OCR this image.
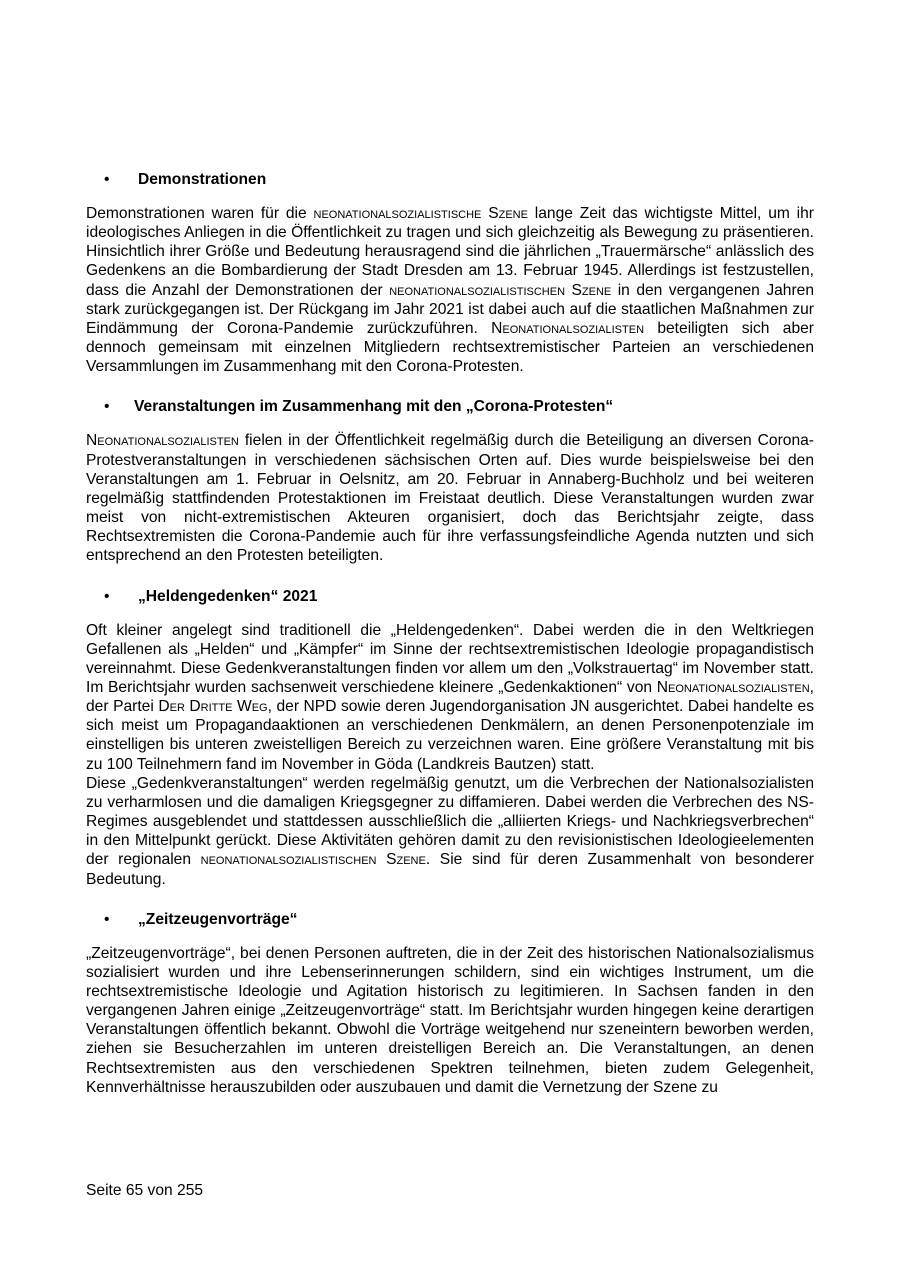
• Demonstrationen

Demonstrationen waren für die neonationalsozialistische Szene lange Zeit das wichtigste Mittel, um ihr ideologisches Anliegen in die Öffentlichkeit zu tragen und sich gleichzeitig als Bewegung zu präsentieren. Hinsichtlich ihrer Größe und Bedeutung herausragend sind die jährlichen „Trauermärsche“ anlässlich des Gedenkens an die Bombardierung der Stadt Dresden am 13. Februar 1945. Allerdings ist festzustellen, dass die Anzahl der Demonstrationen der neonationalsozialistischen Szene in den vergangenen Jahren stark zurückgegangen ist. Der Rückgang im Jahr 2021 ist dabei auch auf die staatlichen Maßnahmen zur Eindämmung der Corona-Pandemie zurückzuführen. Neonationalsozialisten beteiligten sich aber dennoch gemeinsam mit einzelnen Mitgliedern rechtsextremistischer Parteien an verschiedenen Versammlungen im Zusammenhang mit den Corona-Protesten.

• Veranstaltungen im Zusammenhang mit den „Corona-Protesten“

Neonationalsozialisten fielen in der Öffentlichkeit regelmäßig durch die Beteiligung an diversen Corona-Protestveranstaltungen in verschiedenen sächsischen Orten auf. Dies wurde beispielsweise bei den Veranstaltungen am 1. Februar in Oelsnitz, am 20. Februar in Annaberg-Buchholz und bei weiteren regelmäßig stattfindenden Protestaktionen im Freistaat deutlich. Diese Veranstaltungen wurden zwar meist von nicht-extremistischen Akteuren organisiert, doch das Berichtsjahr zeigte, dass Rechtsextremisten die Corona-Pandemie auch für ihre verfassungsfeindliche Agenda nutzten und sich entsprechend an den Protesten beteiligten.

• „Heldengedenken“ 2021

Oft kleiner angelegt sind traditionell die „Heldengedenken“. Dabei werden die in den Weltkriegen Gefallenen als „Helden“ und „Kämpfer“ im Sinne der rechtsextremistischen Ideologie propagandistisch vereinnahmt. Diese Gedenkveranstaltungen finden vor allem um den „Volkstrauertag“ im November statt. Im Berichtsjahr wurden sachsenweit verschiedene kleinere „Gedenkaktionen“ von Neonationalsozialisten, der Partei Der Dritte Weg, der NPD sowie deren Jugendorganisation JN ausgerichtet. Dabei handelte es sich meist um Propagandaaktionen an verschiedenen Denkmälern, an denen Personenpotenziale im einstelligen bis unteren zweistelligen Bereich zu verzeichnen waren. Eine größere Veranstaltung mit bis zu 100 Teilnehmern fand im November in Göda (Landkreis Bautzen) statt.

Diese „Gedenkveranstaltungen“ werden regelmäßig genutzt, um die Verbrechen der Nationalsozialisten zu verharmlosen und die damaligen Kriegsgegner zu diffamieren. Dabei werden die Verbrechen des NS-Regimes ausgeblendet und stattdessen ausschließlich die „alliierten Kriegs- und Nachkriegsverbrechen“ in den Mittelpunkt gerückt. Diese Aktivitäten gehören damit zu den revisionistischen Ideologieelementen der regionalen neonationalsozialistischen Szene. Sie sind für deren Zusammenhalt von besonderer Bedeutung.

• „Zeitzeugenvorträge“

„Zeitzeugenvorträge“, bei denen Personen auftreten, die in der Zeit des historischen Nationalsozialismus sozialisiert wurden und ihre Lebenserinnerungen schildern, sind ein wichtiges Instrument, um die rechtsextremistische Ideologie und Agitation historisch zu legitimieren. In Sachsen fanden in den vergangenen Jahren einige „Zeitzeugenvorträge“ statt. Im Berichtsjahr wurden hingegen keine derartigen Veranstaltungen öffentlich bekannt. Obwohl die Vorträge weitgehend nur szeneintern beworben werden, ziehen sie Besucherzahlen im unteren dreistelligen Bereich an. Die Veranstaltungen, an denen Rechtsextremisten aus den verschiedenen Spektren teilnehmen, bieten zudem Gelegenheit, Kennverhältnisse herauszubilden oder auszubauen und damit die Vernetzung der Szene zu

Seite 65 von 255
